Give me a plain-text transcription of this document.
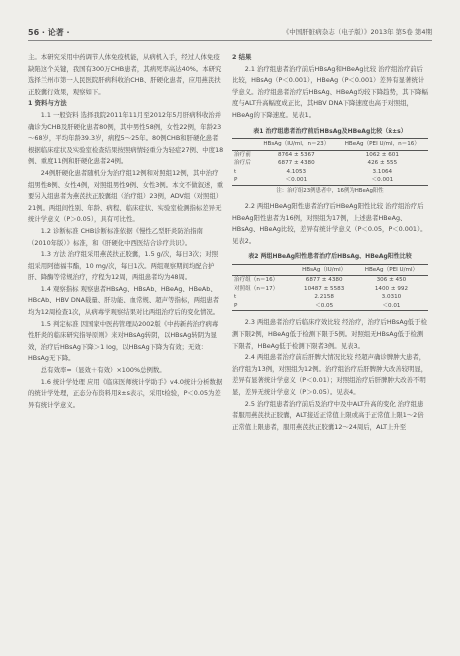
56 · 论著 ·	《中国肝脏病杂志（电子版）》2013年 第5卷 第4期

主。本研究采用中药调节人体免疫机能，从病机入手，经过人体免疫缺陷这个关键，我国有300万CHB患者，其病死率高达40%。本研究选择兰州市第一人民医院肝病科收治CHB、肝硬化患者，应用燕芪扶正胶囊行效果，观察如下。

1 资料与方法

1.1 一般资料 选择我院2011年11月至2012年5月肝病科收治并确诊为CHB及肝硬化患者80例，其中男性58例，女性22例，年龄23～68岁，平均年龄39.3岁，病程5～25年。80例CHB和肝硬化患者根据临床症状及实验室检查结果按照病情轻重分为轻症27例、中度18例、重度11例和肝硬化患者24例。

24例肝硬化患者随机分为治疗组12例和对照组12例，其中治疗组男性8例、女性4例，对照组男性9例、女性3例。本文不做叙述，重要另入组患者为燕芪扶正胶囊组（治疗组）23例，ADV组（对照组）21例。两组间性别、年龄、病程、临床症状、实验室检测指标差异无统计学意义（P＞0.05），具有可比性。

1.2 诊断标准 CHB诊断标准依据《慢性乙型肝炎防治指南（2010年版）》标准，和《肝硬化中西医结合诊疗共识》。

1.3 方法 治疗组采用燕芪扶正胶囊，1.5 g/次，每日3次；对照组采用阿德福韦酯，10 mg/次，每日1次。两组观察期间均配合护肝、降酶等常规治疗，疗程为12周，两组患者均为48周。

1.4 观察指标 观察患者HBsAg、HBsAb、HBeAg、HBeAb、HBcAb、HBV DNA载量、肝功能、血常规、超声等指标，两组患者均为12周检查1次，从病毒学观察结果对比两组治疗后的变化情况。

1.5 判定标准 因国家中医药管理局2002版《中药新药治疗病毒性肝炎的临床研究指导原则》来对HBsAg转阴，以HBsAg转阴为显效，治疗后HBsAg下降＞1 log，以HBsAg下降为有效；无效：HBsAg无下降。

总有效率=（显效＋有效）×100%总例数。

1.6 统计学处理 应用《临床医师统计学助手》v4.0统计分析数据的统计学处理，正态分布资料用x̄±s表示，采用t检验，P＜0.05为差异有统计学意义。

2 结果

2.1 治疗组患者治疗前后HBsAg和HBeAg比较 治疗组治疗前后比较，HBsAg（P＜0.001），HBeAg（P＜0.001）差异有显著统计学意义。治疗组患者治疗后HBsAg、HBeAg均较下降趋势，其下降幅度与ALT升高幅度成正比，其HBV DNA下降速度也高于对照组，HBeAg的下降速度。见表1。

表1 治疗组患者治疗前后HBsAg及HBeAg比较（x̄±s）
	HBsAg（IU/ml，n＝23）	HBeAg（PEI U/ml，n＝16）
治疗前	8764 ± 5367	1062 ± 601
治疗后	6877 ± 4380	426 ± 555
t	4.1053	3.1064
P	＜0.001	＜0.001
注：治疗组23例患者中，16例为HBeAg阳性

2.2 两组HBeAg阳性患者治疗后HBeAg阳性比较 治疗组治疗后HBeAg阳性患者为16例，对照组为17例，上述患者HBeAg、HBsAg、HBeAg比较，差异有统计学意义（P＜0.05，P＜0.001）。见表2。

表2 两组HBeAg阳性患者治疗后HBsAg、HBeAg阳性比较
	HBsAg（IU/ml）	HBeAg（PEI U/ml）
治疗组（n＝16）	6877 ± 4380	306 ± 450
对照组（n＝17）	10487 ± 5583	1400 ± 992
t	2.2158	3.0310
P	＜0.05	＜0.01

2.3 两组患者治疗后临床疗效比较 经治疗，治疗后HBsAg低于检测下限2例，HBeAg低于检测下限于5例。对照组无HBsAg低于检测下限者，HBeAg低于检测下限者3例。见表3。

2.4 两组患者治疗前后肝脾大情况比较 经超声确诊脾肿大患者，治疗组为13例，对照组为12例。治疗组治疗后肝脾肿大改善较明显，差异有显著统计学意义（P＜0.01）；对照组治疗后肝脾肿大改善不明显，差异无统计学意义（P＞0.05）。见表4。

2.5 治疗组患者治疗前后及治疗中及中ALT升高的变化 治疗组患者服用燕芪扶正胶囊，ALT接近正常值上限或高于正常值上限1～2倍正常值上限患者，服用燕芪扶正胶囊12～24周后，ALT上升至
